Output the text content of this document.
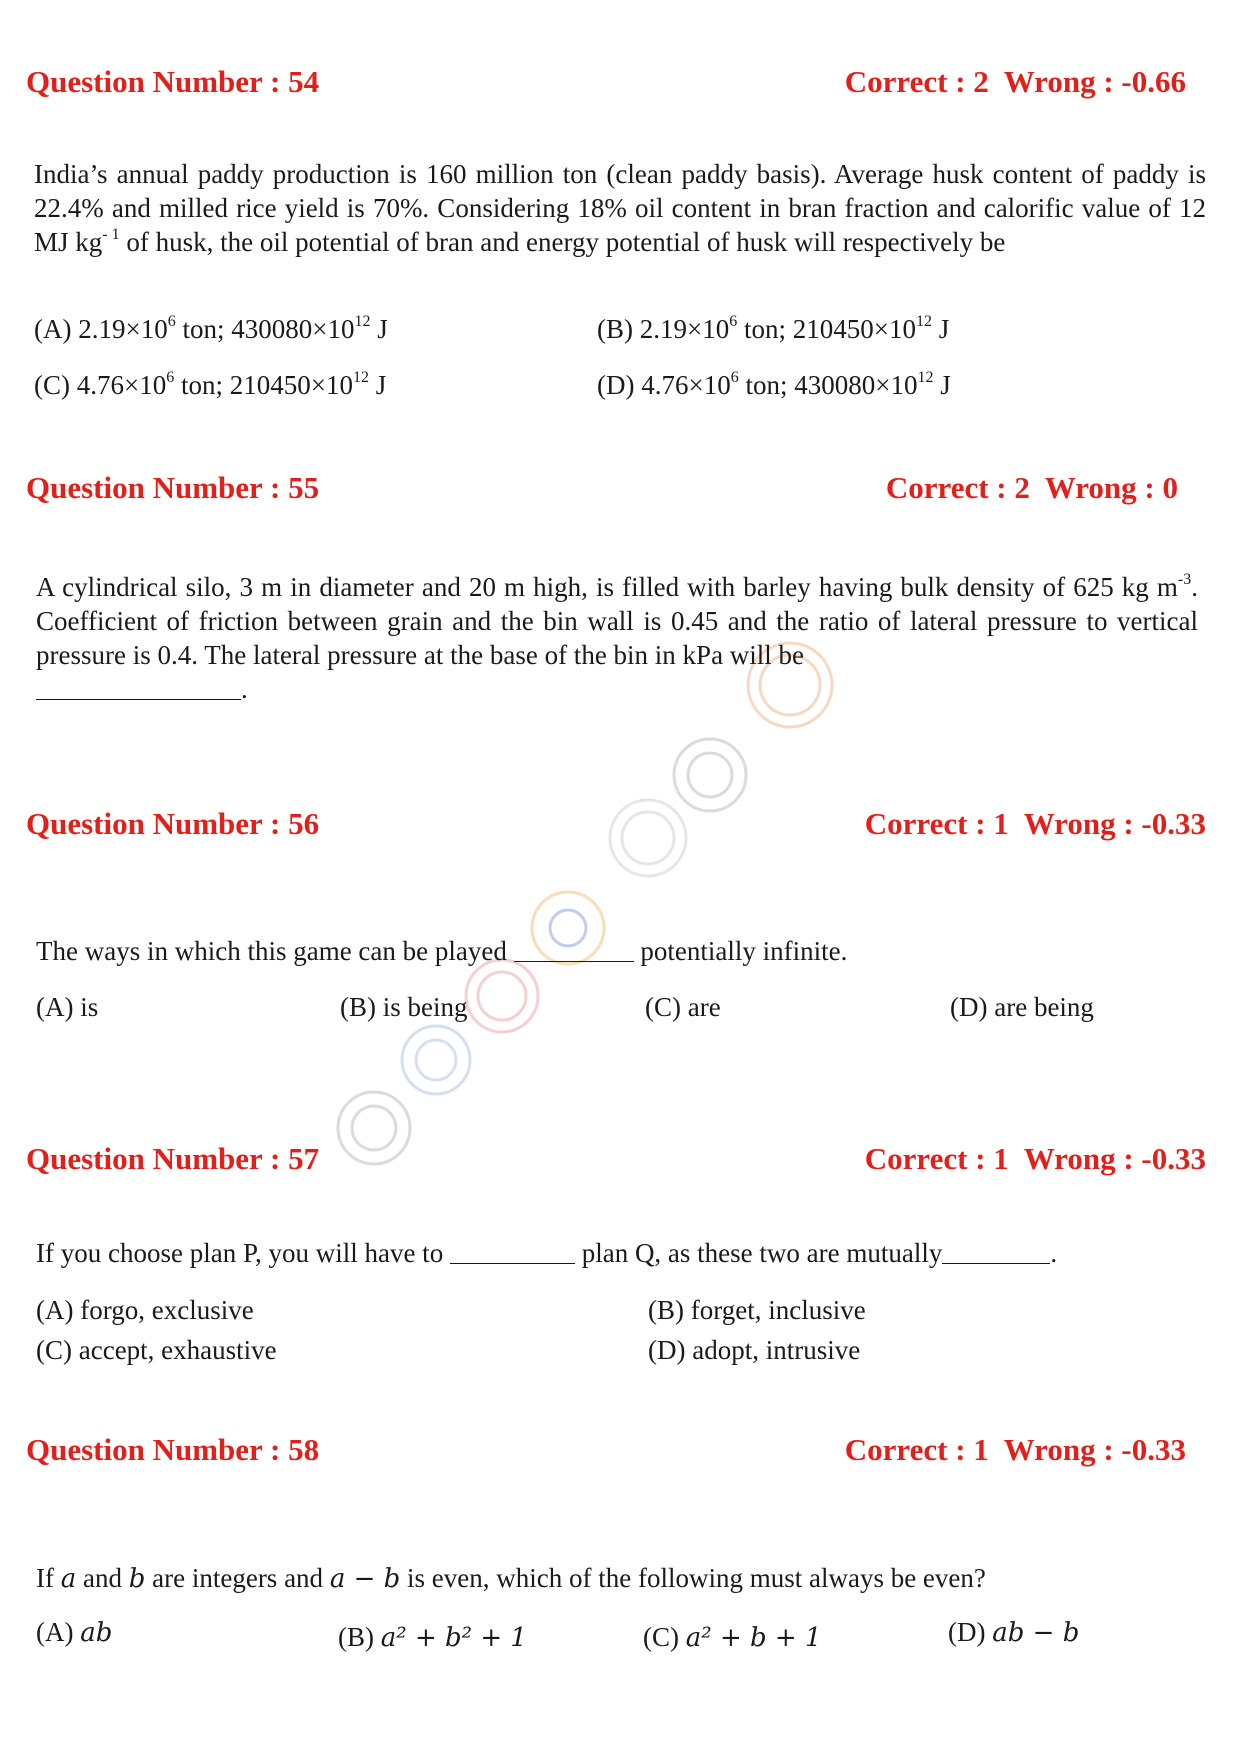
Question Number : 54	Correct : 2  Wrong : -0.66
India’s annual paddy production is 160 million ton (clean paddy basis). Average husk content of paddy is 22.4% and milled rice yield is 70%. Considering 18% oil content in bran fraction and calorific value of 12 MJ $kg^{- 1}$ of husk, the oil potential of bran and energy potential of husk will respectively be
(A) $2.19\times 10^6$ ton; $430080\times 10^{12}$ J	(B) $2.19\times 10^6$ ton; $210450\times 10^{12}$ J
(C) $4.76\times 10^6$ ton; $210450\times 10^{12}$ J	(D) $4.76\times 10^6$ ton; $430080\times 10^{12}$ J
Question Number : 55	Correct : 2  Wrong : 0
A cylindrical silo, 3 m in diameter and 20 m high, is filled with barley having bulk density of 625 kg $m^{-3}$. Coefficient of friction between grain and the bin wall is 0.45 and the ratio of lateral pressure to vertical pressure is 0.4. The lateral pressure at the base of the bin in kPa will be
.
Question Number : 56	Correct : 1  Wrong : -0.33
The ways in which this game can be played	potentially infinite.
(A) is	(B) is being	(C) are	(D) are being
Question Number : 57	Correct : 1  Wrong : -0.33
If you choose plan P, you will have to	plan Q, as these two are mutually	.
(A) forgo, exclusive	(B) forget, inclusive
(C) accept, exhaustive	(D) adopt, intrusive
Question Number : 58	Correct : 1  Wrong : -0.33
If a and b are integers and a − b is even, which of the following must always be even?
(A) ab	(B) a² + b² + 1	(C) a² + b + 1	(D) ab − b
